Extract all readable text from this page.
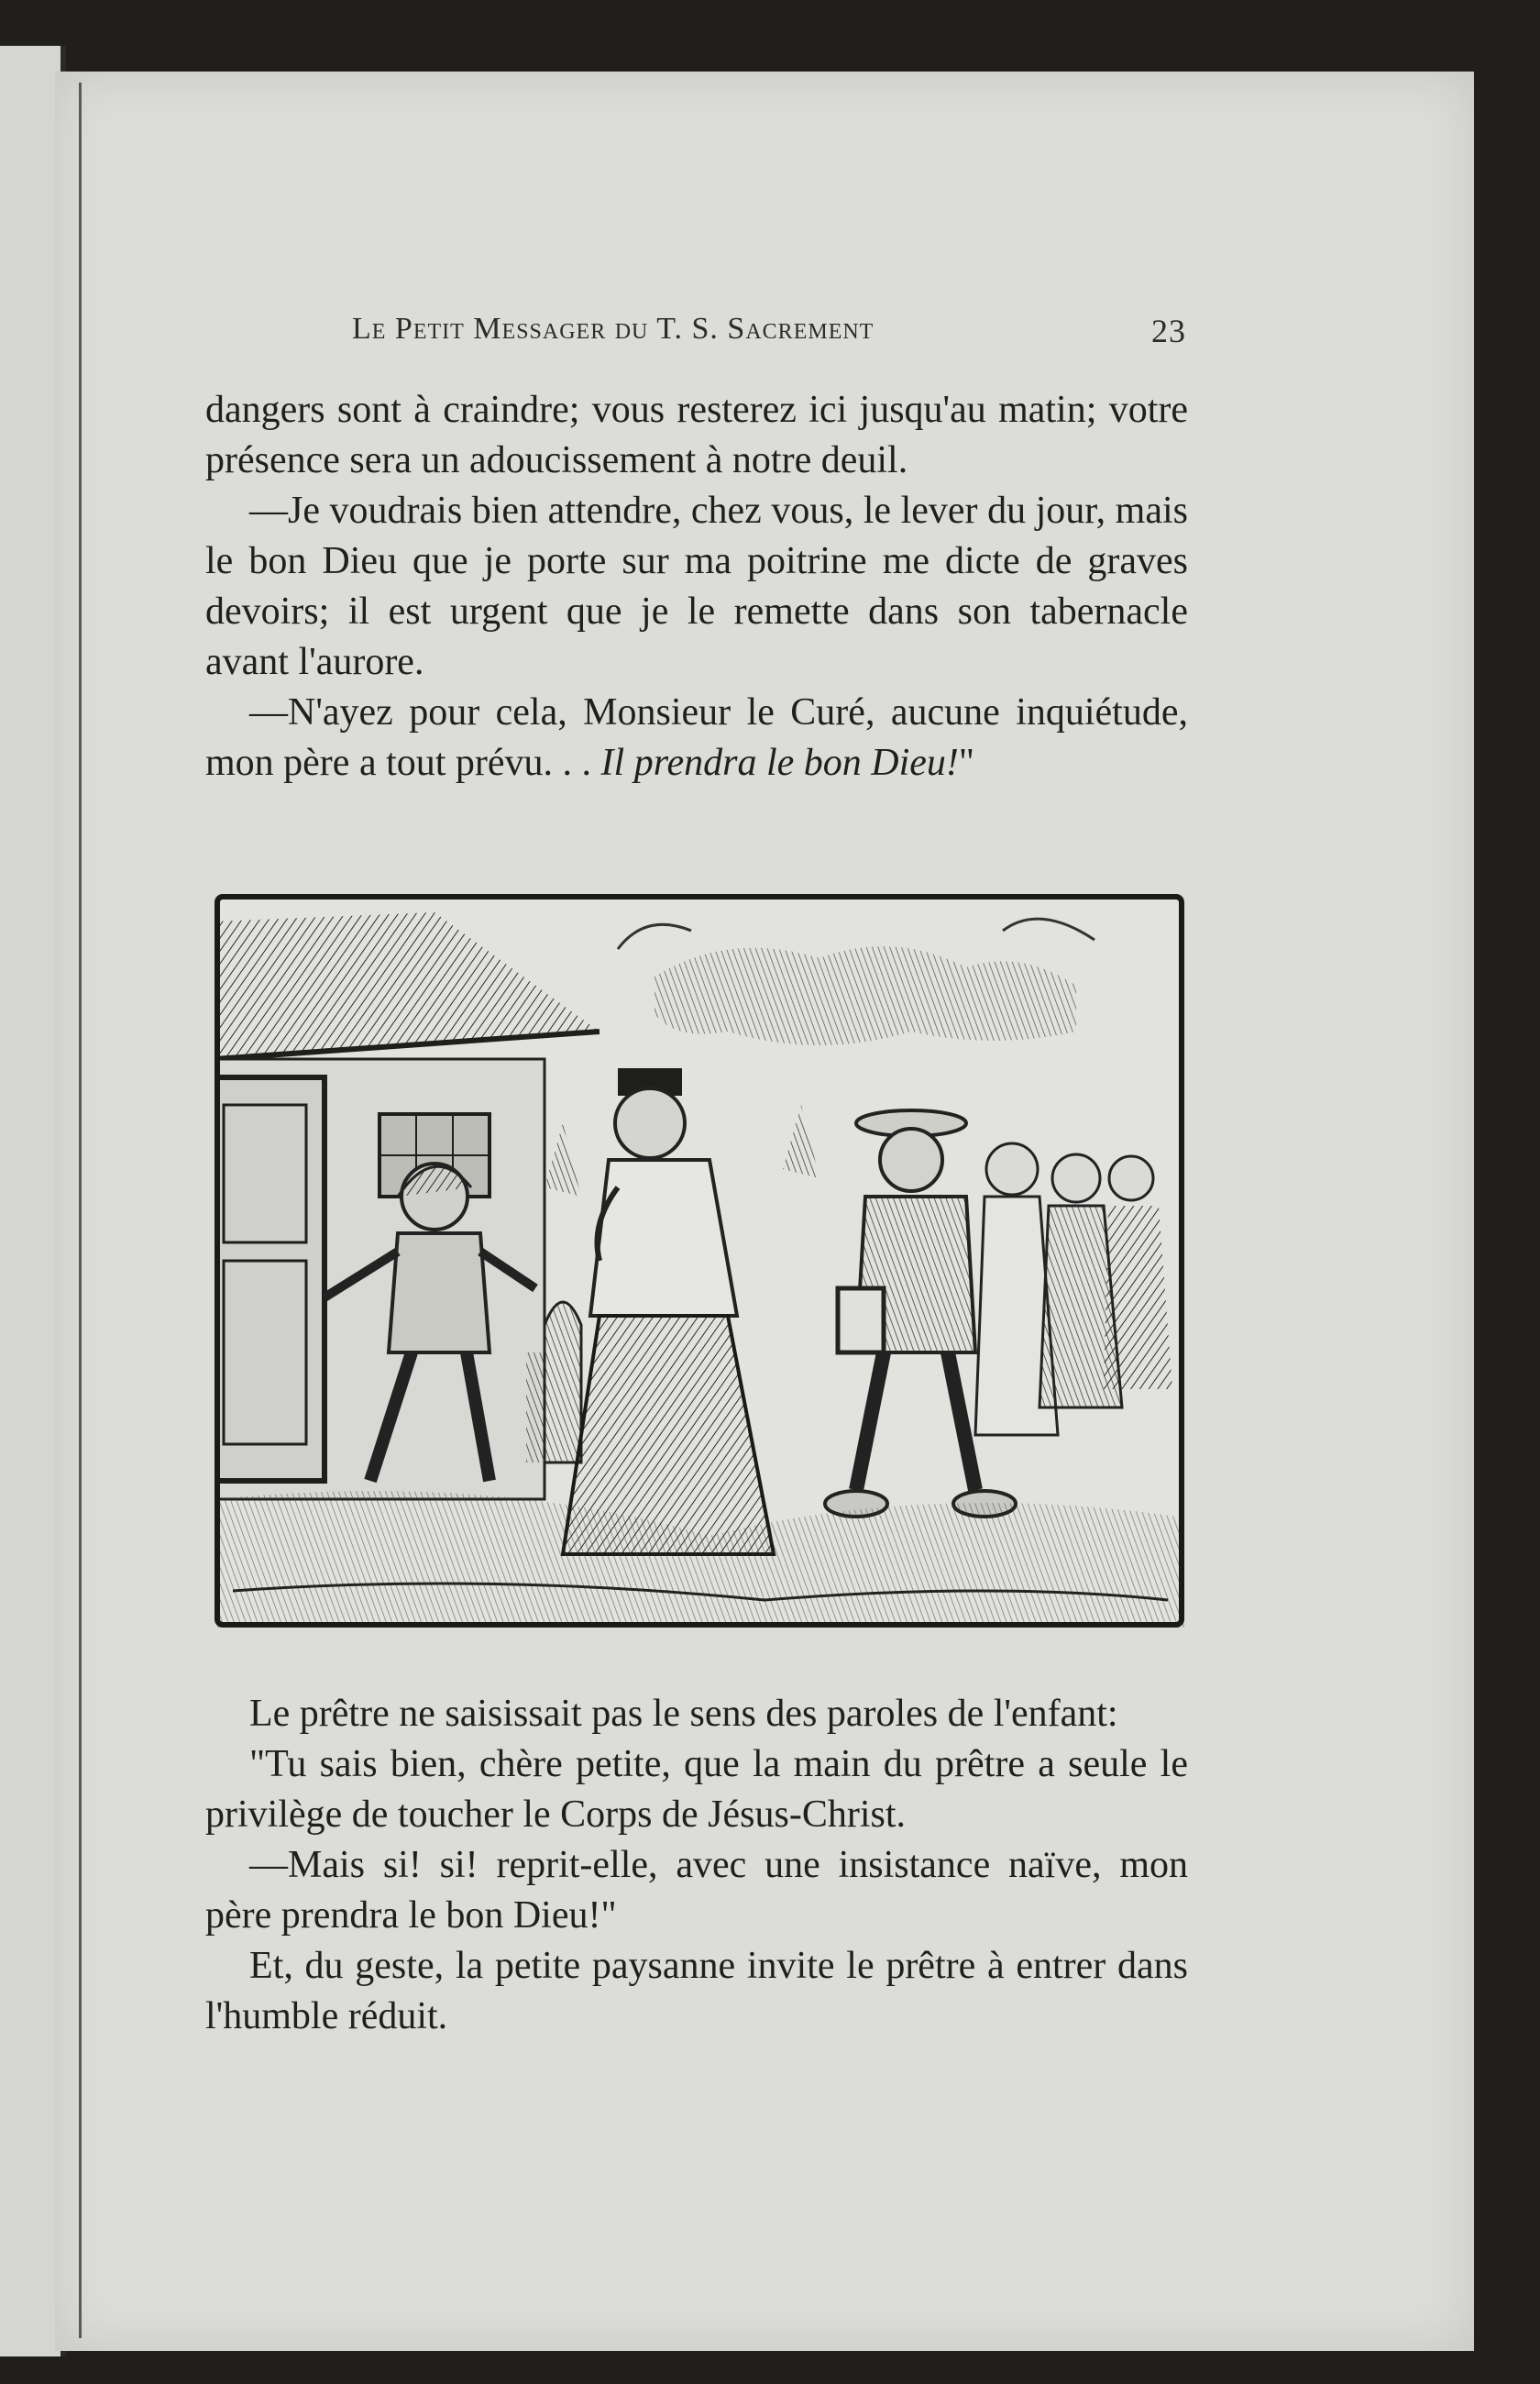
Le Petit Messager du T. S. Sacrement	23

dangers sont à craindre; vous resterez ici jusqu'au matin; votre présence sera un adoucissement à notre deuil.

—Je voudrais bien attendre, chez vous, le lever du jour, mais le bon Dieu que je porte sur ma poitrine me dicte de graves devoirs; il est urgent que je le remette dans son tabernacle avant l'aurore.

—N'ayez pour cela, Monsieur le Curé, aucune inquiétude, mon père a tout prévu. . . Il prendra le bon Dieu!"

Le prêtre ne saisissait pas le sens des paroles de l'enfant:

"Tu sais bien, chère petite, que la main du prêtre a seule le privilège de toucher le Corps de Jésus-Christ.

—Mais si! si! reprit-elle, avec une insistance naïve, mon père prendra le bon Dieu!"

Et, du geste, la petite paysanne invite le prêtre à entrer dans l'humble réduit.
